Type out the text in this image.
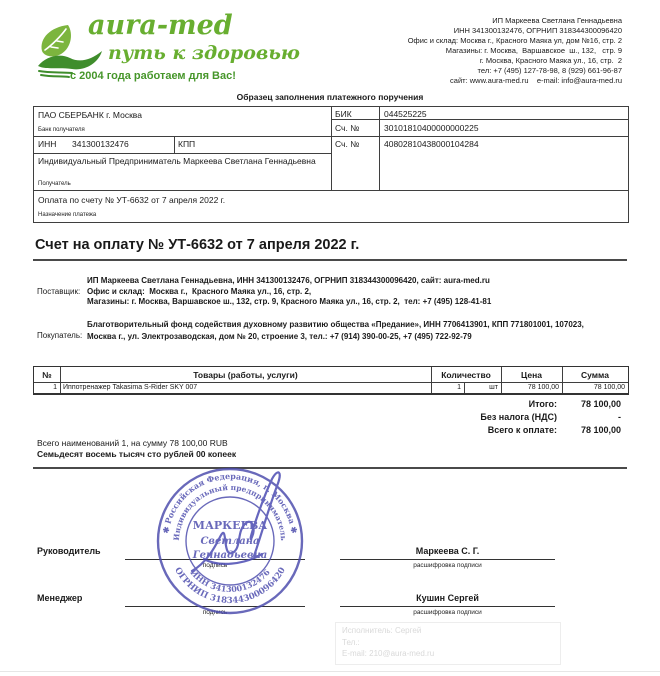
aura-med
путь к здоровью
с 2004 года работаем для Вас!
ИП Маркеева Светлана Геннадьевна
ИНН 341300132476, ОГРНИП 318344300096420
Офис и склад: Москва г., Красного Маяка ул, дом №16, стр. 2
Магазины: г. Москва,  Варшавское  ш., 132,   стр. 9
г. Москва, Красного Маяка ул., 16, стр.  2
тел: +7 (495) 127-78-98, 8 (929) 661-96-87
сайт: www.aura-med.ru    e-mail: info@aura-med.ru
Образец заполнения платежного поручения
ПАО СБЕРБАНК г. Москва
Банк получателя
БИК	044525225
Сч. №	30101810400000000225
ИНН 341300132476	КПП	Сч. №	40802810438000104284
Индивидуальный Предприниматель Маркеева Светлана Геннадьевна
Получатель
Оплата по счету № УТ-6632 от 7 апреля 2022 г.
Назначение платежа
Счет на оплату № УТ-6632 от 7 апреля 2022 г.
Поставщик:
ИП Маркеева Светлана Геннадьевна, ИНН 341300132476, ОГРНИП 318344300096420, сайт: aura-med.ru
Офис и склад:  Москва г.,  Красного Маяка ул., 16, стр. 2,
Магазины: г. Москва, Варшавское ш., 132, стр. 9, Красного Маяка ул., 16, стр. 2,  тел: +7 (495) 128-41-81
Покупатель:
Благотворительный фонд содействия духовному развитию общества «Предание», ИНН 7706413901, КПП 771801001, 107023, Москва г., ул. Электрозаводская, дом № 20, строение 3, тел.: +7 (914) 390-00-25, +7 (495) 722-92-79
№	Товары (работы, услуги)	Количество	Цена	Сумма
1 Иппотренажер Takasima S-Rider SKY 007	1	шт	78 100,00	78 100,00
Итого:	78 100,00
Без налога (НДС)	-
Всего к оплате:	78 100,00
Всего наименований 1, на сумму 78 100,00 RUB
Семьдесят восемь тысяч сто рублей 00 копеек
Руководитель
подпись
Маркеева С. Г.
расшифровка подписи
Менеджер
подпись
Кушин Сергей
расшифровка подписи
✱ Российская Федерация, г. Москва ✱
Индивидуальный предприниматель
ИНН 341300132476
ОГРНИП 318344300096420
МАРКЕЕВА
Светлана
Геннадьевна
Исполнитель: Сергей
Тел.:
E-mail: 210@aura-med.ru
